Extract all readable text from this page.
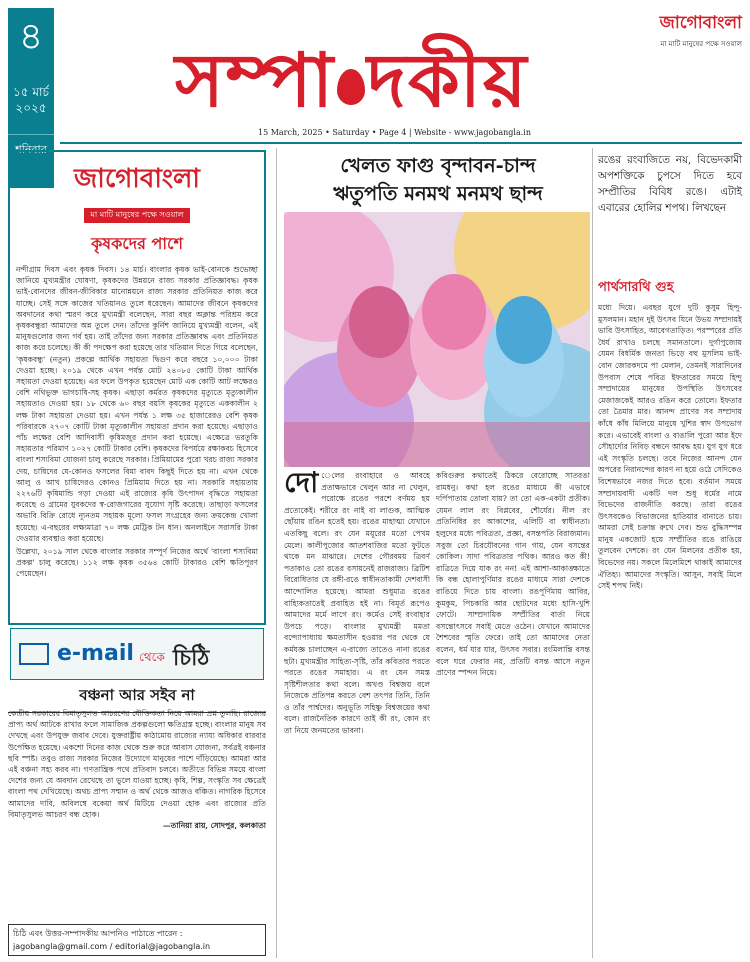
৪
১৫ মার্চ ২০২৫
শনিবার
সম্পা দকীয়
জাগোবাংলা
মা মাটি মানুষের পক্ষে সওয়াল
15 March, 2025 • Saturday • Page 4 | Website - www.jagobangla.in
জাগোবাংলা
মা মাটি মানুষের পক্ষে সওয়াল
কৃষকদের পাশে

নন্দীগ্রাম দিবস এবং কৃষক দিবস। ১৪ মার্চ। বাংলার কৃষক ভাই-বোনকে শুভেচ্ছা জানিয়ে মুখ্যমন্ত্রীর ঘোষণা, কৃষকদের উন্নয়নে রাজ্য সরকার প্রতিজ্ঞাবদ্ধ। কৃষক ভাই-বোনদের জীবন-জীবিকার মানোন্নয়নে রাজ্য সরকার প্রতিনিয়ত কাজ করে যাচ্ছে। সেই সঙ্গে কাজের খতিয়ানও তুলে ধরেছেন। আমাদের জীবনে কৃষকদের অবদানের কথা স্মরণ করে মুখ্যমন্ত্রী বলেছেন, সারা বছর অক্লান্ত পরিশ্রম করে কৃষকবন্ধুরা আমাদের অন্ন তুলে দেন। তাঁদের কুর্নিশ জানিয়ে মুখ্যমন্ত্রী বলেন, এই মানুষগুলোর জন্য গর্ব হয়। তাই তাঁদের জন্য সরকার প্রতিজ্ঞাবদ্ধ এবং প্রতিনিয়ত কাজ করে চলেছে। কী কী পদক্ষেপ করা হয়েছে তার খতিয়ান দিতে গিয়ে বলেছেন, 'কৃষকবন্ধু' (নতুন) প্রকল্পে আর্থিক সহায়তা দ্বিগুণ করে বছরে ১০,০০০ টাকা দেওয়া হচ্ছে। ২০১৯ থেকে এখন পর্যন্ত মোট ২৪০৮৫ কোটি টাকা আর্থিক সহায়তা দেওয়া হয়েছে। এর ফলে উপকৃত হয়েছেন মোট এক কোটি আট লক্ষেরও বেশি নথিভুক্ত ভাগচাষি-সহ কৃষক। এছাড়া কর্মরত কৃষকদের মৃত্যুতে মৃত্যুকালীন সহায়তাও দেওয়া হয়। ১৮ থেকে ৬০ বছর বয়সি কৃষকের মৃত্যুতে এককালীন ২ লক্ষ টাকা সহায়তা দেওয়া হয়। এখন পর্যন্ত ১ লক্ষ ৩৫ হাজারেরও বেশি কৃষক পরিবারকে ২৭০৭ কোটি টাকা মৃত্যুকালীন সহায়তা প্রদান করা হয়েছে। এছাড়াও পাঁচ লক্ষের বেশি আদিবাসী কৃষিমজুর প্রদান করা হয়েছে। এক্ষেত্রে ভরতুকি সহায়তার পরিমাণ ১০২৭ কোটি টাকার বেশি। কৃষকদের বিপর্যয়ে রক্ষাকবচ হিসেবে বাংলা শস্যবিমা যোজনা চালু করেছে সরকার। প্রিমিয়ামের পুরো খরচ রাজ্য সরকার দেয়, চাষিদের যে-কোনও ফসলের বিমা বাবদ কিছুই দিতে হয় না। এখন থেকে আলু ও আখ চাষিদেরও কোনও প্রিমিয়াম দিতে হয় না। সরকারি সহায়তায় ২২৭৬টি কৃষিমান্ডি গড়া দেওয়া এই রাজ্যের কৃষি উৎপাদন বৃদ্ধিতে সহায়তা করেছে ও গ্রামের যুবকদের স্ব-রোজগারের সুযোগ সৃষ্টি করেছে। তাছাড়া ফসলের অভাবি বিক্রি রোধে ন্যূনতম সহায়ক মূল্যে ফসল সংগ্রহের জন্য ক্রয়কেন্দ্র খোলা হয়েছে। এ-বছরের লক্ষ্যমাত্রা ৭০ লক্ষ মেট্রিক টন ধান। অনলাইনে সরাসরি টাকা দেওয়ার ব্যবস্থাও করা হয়েছে।

উল্লেখ্য, ২০১৯ সাল থেকে বাংলার সরকার সম্পূর্ণ নিজের অর্থে 'বাংলা শস্যবিমা প্রকল্প' চালু করেছে। ১১২ লক্ষ কৃষক ৩৫৬৪ কোটি টাকারও বেশি ক্ষতিপূরণ পেয়েছেন।

e-mail থেকে চিঠি
বঞ্চনা আর সইব না
কেন্দ্রীয় সরকারের বিমাতৃসুলভ আচরণের যৌক্তিকতা নিয়ে আমরা প্রশ্ন তুলছি। রাজ্যের প্রাপ্য অর্থ আটকে রাখার ফলে সামাজিক প্রকল্পগুলো ক্ষতিগ্রস্ত হচ্ছে। বাংলার মানুষ সব দেখছে এবং উপযুক্ত জবাব দেবে। যুক্তরাষ্ট্রীয় কাঠামোয় রাজ্যের ন্যায্য অধিকার বারবার উপেক্ষিত হয়েছে। একশো দিনের কাজ থেকে শুরু করে আবাস যোজনা, সর্বত্রই বঞ্চনার ছবি স্পষ্ট। তবুও রাজ্য সরকার নিজের উদ্যোগে মানুষের পাশে দাঁড়িয়েছে। আমরা আর এই বঞ্চনা সহ্য করব না। গণতান্ত্রিক পথে প্রতিবাদ চলবে। অতীতে বিভিন্ন সময়ে বাংলা দেশের জন্য যে অবদান রেখেছে তা ভুলে যাওয়া হচ্ছে। কৃষি, শিল্প, সংস্কৃতি সব ক্ষেত্রেই বাংলা পথ দেখিয়েছে। অথচ প্রাপ্য সম্মান ও অর্থ থেকে আজও বঞ্চিত। নাগরিক হিসেবে আমাদের দাবি, অবিলম্বে বকেয়া অর্থ মিটিয়ে দেওয়া হোক এবং রাজ্যের প্রতি বিমাতৃসুলভ আচরণ বন্ধ হোক।
—তানিয়া রায়, সোদপুর, কলকাতা
চিঠি এবং উত্তর-সম্পাদকীয় আপনিও পাঠাতে পারেন :
jagobangla@gmail.com / editorial@jagobangla.in
খেলত ফাগু বৃন্দাবন-চান্দ
ঋতুপতি মনমথ মনমথ ছান্দ
রঙের রংবাজিতে নয়, বিভেদকামী অপশক্তিকে চুপসে দিতে হবে সম্প্রীতির বিবিধ রঙে। এটাই এবারের হোলির শপথ। লিখছেন
পার্থসারথি গুহ
দো েলের রংবাহারে ও আবহে প্রতাক্ষভাবে খেলুন আর না খেলুন, পরোক্ষে রঙের পরশে বর্ণময় হয় প্রত্যেকেই। শরীরে রং নাই বা লাগুক, আত্মিক ছোঁয়ায় রঙিন হতেই হয়। রঙের মাহাত্ম্য যেখানে এতকিছু বলে। রং যেন ময়ূরের মতো পেখম মেলে। কালীপুজোর আতশবাজির মতো ফুটতে থাকে মন মাঝারে। দেশের গৌরবময় ত্রিবর্ণ পতাকাও তো রঙের রসায়নেই রাজরাজ্য। ব্রিটিশ বিরোধিতার যে রঙ্গী-রঙে স্বাধীনতাকামী দেশবাসী আন্দোলিত হয়েছে। আমরা শুধুমাত্র রঙের বাহ্যিকতাতেই প্রবাহিত হই না। বিমূর্ত রূপেও আমাদের মর্মে লাগে রং। কর্মেও সেই রংবাহার উপচে পড়ে। বাংলার মুখ্যমন্ত্রী মমতা বন্দ্যোপাধ্যায় ক্ষমতাসীন হওয়ার পর থেকে যে কর্মযজ্ঞ চালাচ্ছেন এ-রাজ্যে তাতেও নানা রঙের ছটা। মুখ্যমন্ত্রীর সাহিত্য-সৃষ্টি, তাঁর কবিতার পরতে পরতে রঙের সমাহার। এ রং যেন সমস্ত সৃষ্টিশীলতার কথা বলে। অখণ্ড বিশ্বজয় বলে নিজেকে প্রতিপন্ন করতে বেশ তৎপর তিনি, তিনি ও তাঁর পার্শ্বদের। অনুভূতি সহিষ্ণু বিশ্বজয়ের কথা বলে। রাজনৈতিক কারণে তাই কী রং, কোন রং তা নিয়ে জনমতের ভাবনা।
কবিগুরুর কথাতেই ঠিকরে বেরোচ্ছে সাতরঙা রামধনু। কথা হল রঙের মাধ্যমে কী এভাবে দর্পিপাতায় তোলা যায়? তা তো এক-একটা প্রতীক। যেমন লাল রং বিপ্লবের, শৌর্যের। নীল রং প্রতিনিধির রং আকাশের, এলিটি বা স্বাধীনতা। হলুদের মধ্যে পবিত্রতা, প্রজ্ঞা, বসন্তপতি বিরাজমান। সবুজ তো চিরযৌবনের গান গায়, যেন বসন্তের কোকিল। সাদা পবিত্রতার পথিক। আরও কত কী! রাত্রিতে দিয়ে যাক রং নন! এই আশা-আকাঙ্ক্ষাতে কি বন্ধ হোলাপুর্ণিমার রঙের মাধ্যমে সারা দেশকে রাঙিয়ে দিতে চায় বাংলা। রঙপূর্ণিমায় আবির, কুমকুম, পিচকারি আর ছোটদের মধ্যে হাসি-খুশি ফোটে। সাম্প্রদায়িক সম্প্রীতির বার্তা নিয়ে বসন্তোৎসবে সবাই মেতে ওঠেন। যেখানে আমাদের শৈশবের স্মৃতি ফেরে। তাই তো আমাদের নেতা বলেন, ধর্ম যার যার, উৎসব সবার। রংমিলান্তি বসন্ত বলে ঘরে ফেরার নয়, প্রতিটি বসন্ত আসে নতুন প্রাণের স্পন্দন নিয়ে।
মধ্যে দিয়ে। এবছর যুগে দুটি কুসুম হিন্দু-মুসলমান। মহান দুই উৎসব যিনে উভয় সম্প্রদায়ই ভাবি উৎসাহিত, আবেগতাড়িত। পরস্পরের প্রতি ধৈর্য রাখাও চলছে সমানতালে। দুর্গাপুজোয় যেমন বিধর্মিক জনতা ভিড়ে বহু মুসলিম ভাই-বোন জোরকদমে পা মেলান, তেমনই সারাদিনের উপবাস শেষে পবিত্র ইফতারের সময়ে হিন্দু সম্প্রদায়ের মানুষের উপস্থিতি উৎসবের মেজাজকেই আরও রঙিন করে তোলে। ইফতার তো ত্রৈমার মার। আনন্দ প্রাণের সব সম্প্রদায় কাঁধে কাঁধ মিলিয়ে মানুষে খুশির স্বাদ উপভোগ করে। এভাবেই বাংলা ও বাঙালি পুরো আর ইদে সৌহার্দ্যের নিবিড় বন্ধনে আবদ্ধ হয়। যুগ যুগ ধরে এই সংস্কৃতি চলছে। তবে নিজের আনন্দ যেন অপরের নিরানন্দের কারণ না হয়ে ওঠে সেদিকেও বিশেষভাবে নজর দিতে হবে। বর্তমান সময়ে সম্প্রদায়বাদী একটি দল শুধু ধর্মের নামে বিভেদের রাজনীতি করছে। তারা রঙের উৎসবকেও বিভাজনের হাতিয়ার বানাতে চায়। আমরা সেই চক্রান্ত রুখে দেব। শুভ বুদ্ধিসম্পন্ন মানুষ একজোট হয়ে সম্প্রীতির রঙে রাঙিয়ে তুলবেন দেশকে। রং যেন মিলনের প্রতীক হয়, বিভেদের নয়। সকলে মিলেমিশে থাকাই আমাদের ঐতিহ্য। আমাদের সংস্কৃতি। আসুন, সবাই মিলে সেই শপথ নিই।
